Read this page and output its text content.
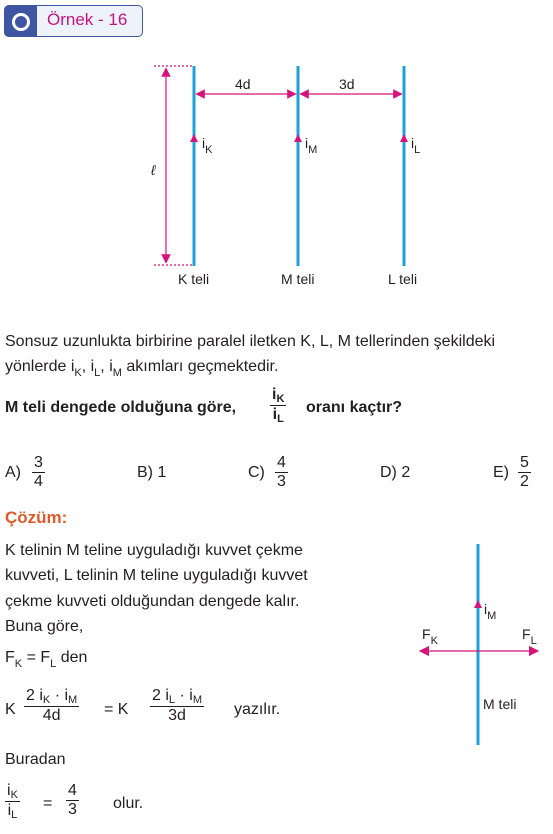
Örnek - 16
4d	3d
ℓ
$i_K$	$i_M$	$i_L$
K teli	M teli	L teli
Sonsuz uzunlukta birbirine paralel iletken K, L, M tellerinden şekildeki
yönlerde $i_K$, $i_L$, $i_M$ akımları geçmektedir.
M teli dengede olduğuna göre, $\frac{iK}{iL}$ oranı kaçtır?
$A) \frac{3}{4}$	B) 1	$C) \frac{4}{3}$	D) 2	$E) \frac{5}{2}$
Çözüm:
K telinin M teline uyguladığı kuvvet çekme
kuvveti, L telinin M teline uyguladığı kuvvet
çekme kuvveti olduğundan dengede kalır.
Buna göre,
$F_K = F_L$ den
K $\frac{2 iK \cdot iM}{4d} = K \frac{2 iL \cdot iM}{3d}$ yazılır.
Buradan
$\frac{iK}{iL} = \frac{4}{3}$ olur.
$i_M$
$F_K$	$F_L$
M teli
